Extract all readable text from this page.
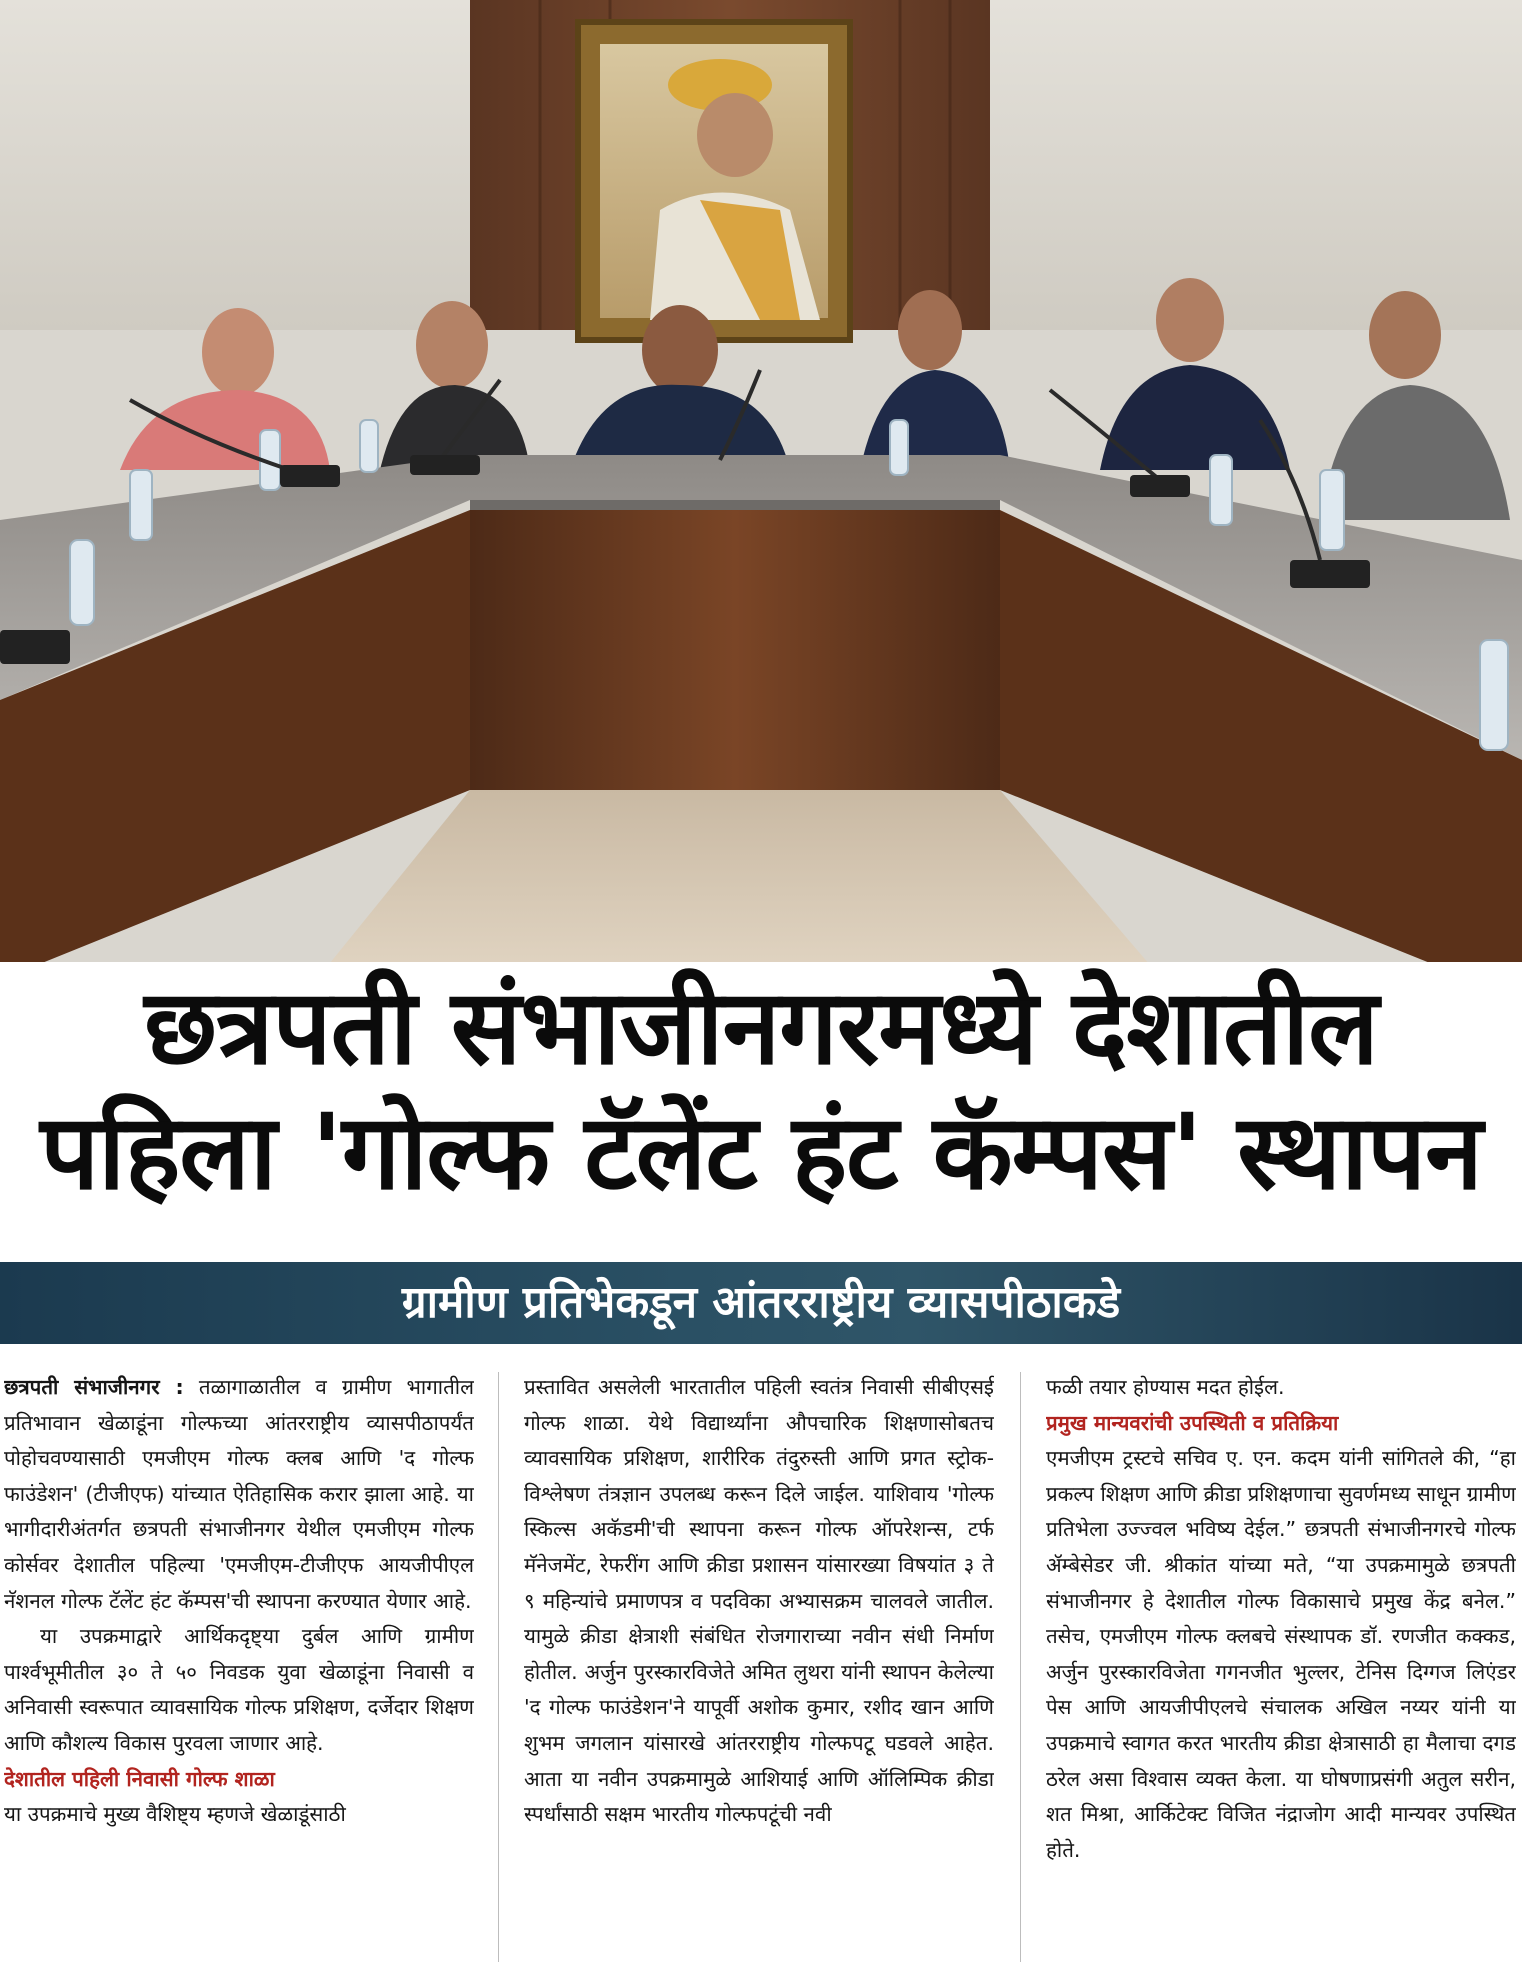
छत्रपती संभाजीनगरमध्ये देशातील
पहिला 'गोल्फ टॅलेंट हंट कॅम्पस' स्थापन
ग्रामीण प्रतिभेकडून आंतरराष्ट्रीय व्यासपीठाकडे

छत्रपती संभाजीनगर : तळागाळातील व ग्रामीण भागातील प्रतिभावान खेळाडूंना गोल्फच्या आंतरराष्ट्रीय व्यासपीठापर्यंत पोहोचवण्यासाठी एमजीएम गोल्फ क्लब आणि 'द गोल्फ फाउंडेशन' (टीजीएफ) यांच्यात ऐतिहासिक करार झाला आहे. या भागीदारीअंतर्गत छत्रपती संभाजीनगर येथील एमजीएम गोल्फ कोर्सवर देशातील पहिल्या 'एमजीएम-टीजीएफ आयजीपीएल नॅशनल गोल्फ टॅलेंट हंट कॅम्पस'ची स्थापना करण्यात येणार आहे.

या उपक्रमाद्वारे आर्थिकदृष्ट्या दुर्बल आणि ग्रामीण पार्श्वभूमीतील ३० ते ५० निवडक युवा खेळाडूंना निवासी व अनिवासी स्वरूपात व्यावसायिक गोल्फ प्रशिक्षण, दर्जेदार शिक्षण आणि कौशल्य विकास पुरवला जाणार आहे.

देशातील पहिली निवासी गोल्फ शाळा

या उपक्रमाचे मुख्य वैशिष्ट्य म्हणजे खेळाडूंसाठी

प्रस्तावित असलेली भारतातील पहिली स्वतंत्र निवासी सीबीएसई गोल्फ शाळा. येथे विद्यार्थ्यांना औपचारिक शिक्षणासोबतच व्यावसायिक प्रशिक्षण, शारीरिक तंदुरुस्ती आणि प्रगत स्ट्रोक-विश्लेषण तंत्रज्ञान उपलब्ध करून दिले जाईल. याशिवाय 'गोल्फ स्किल्स अकॅडमी'ची स्थापना करून गोल्फ ऑपरेशन्स, टर्फ मॅनेजमेंट, रेफरींग आणि क्रीडा प्रशासन यांसारख्या विषयांत ३ ते ९ महिन्यांचे प्रमाणपत्र व पदविका अभ्यासक्रम चालवले जातील. यामुळे क्रीडा क्षेत्राशी संबंधित रोजगाराच्या नवीन संधी निर्माण होतील. अर्जुन पुरस्कारविजेते अमित लुथरा यांनी स्थापन केलेल्या 'द गोल्फ फाउंडेशन'ने यापूर्वी अशोक कुमार, रशीद खान आणि शुभम जगलान यांसारखे आंतरराष्ट्रीय गोल्फपटू घडवले आहेत. आता या नवीन उपक्रमामुळे आशियाई आणि ऑलिम्पिक क्रीडा स्पर्धांसाठी सक्षम भारतीय गोल्फपटूंची नवी

फळी तयार होण्यास मदत होईल.

प्रमुख मान्यवरांची उपस्थिती व प्रतिक्रिया

एमजीएम ट्रस्टचे सचिव ए. एन. कदम यांनी सांगितले की, “हा प्रकल्प शिक्षण आणि क्रीडा प्रशिक्षणाचा सुवर्णमध्य साधून ग्रामीण प्रतिभेला उज्ज्वल भविष्य देईल.” छत्रपती संभाजीनगरचे गोल्फ ॲम्बेसेडर जी. श्रीकांत यांच्या मते, “या उपक्रमामुळे छत्रपती संभाजीनगर हे देशातील गोल्फ विकासाचे प्रमुख केंद्र बनेल.” तसेच, एमजीएम गोल्फ क्लबचे संस्थापक डॉ. रणजीत कक्कड, अर्जुन पुरस्कारविजेता गगनजीत भुल्लर, टेनिस दिग्गज लिएंडर पेस आणि आयजीपीएलचे संचालक अखिल नय्यर यांनी या उपक्रमाचे स्वागत करत भारतीय क्रीडा क्षेत्रासाठी हा मैलाचा दगड ठरेल असा विश्वास व्यक्त केला. या घोषणाप्रसंगी अतुल सरीन, शत मिश्रा, आर्किटेक्ट विजित नंद्राजोग आदी मान्यवर उपस्थित होते.
